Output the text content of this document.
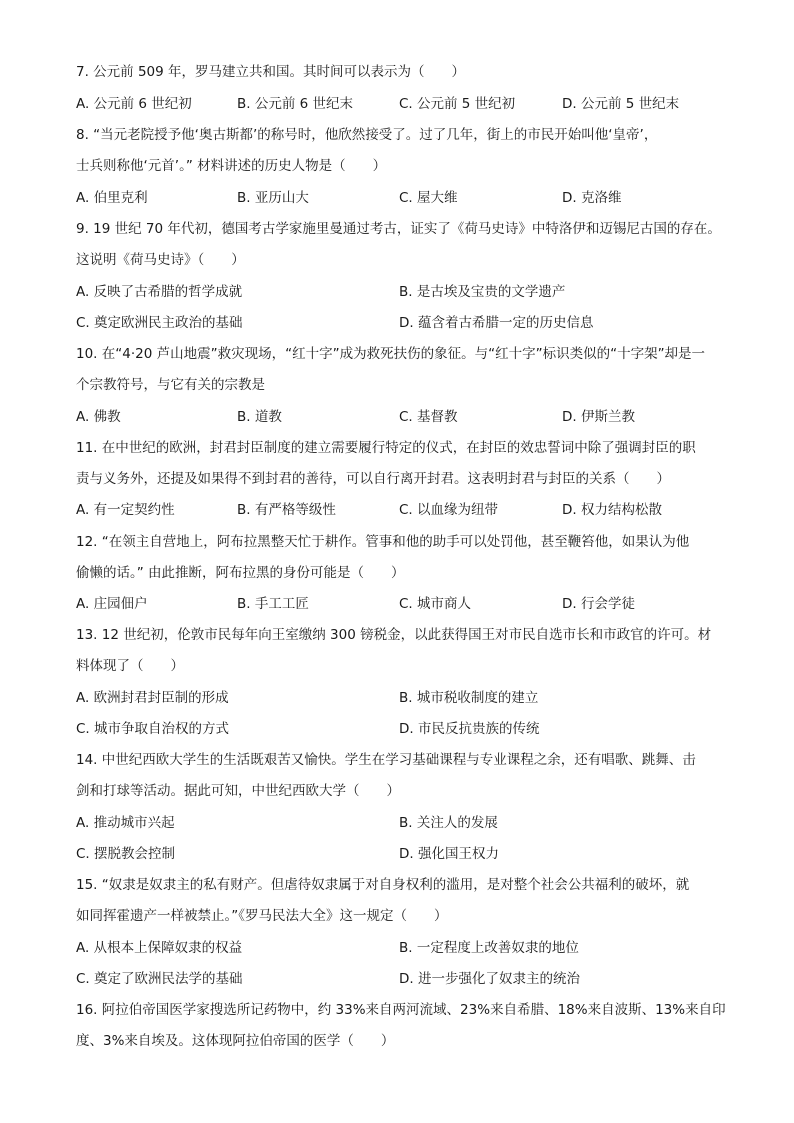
7. 公元前 509 年，罗马建立共和国。其时间可以表示为（　　）

A. 公元前 6 世纪初	B. 公元前 6 世纪末	C. 公元前 5 世纪初	D. 公元前 5 世纪末

8. “当元老院授予他‘奥古斯都’的称号时，他欣然接受了。过了几年，街上的市民开始叫他‘皇帝’，

士兵则称他‘元首’。” 材料讲述的历史人物是（　　）

A. 伯里克利	B. 亚历山大	C. 屋大维	D. 克洛维

9. 19 世纪 70 年代初，德国考古学家施里曼通过考古，证实了《荷马史诗》中特洛伊和迈锡尼古国的存在。

这说明《荷马史诗》（　　）

A. 反映了古希腊的哲学成就	B. 是古埃及宝贵的文学遗产

C. 奠定欧洲民主政治的基础	D. 蕴含着古希腊一定的历史信息

10. 在“4·20 芦山地震”救灾现场，“红十字”成为救死扶伤的象征。与“红十字”标识类似的“十字架”却是一

个宗教符号，与它有关的宗教是

A. 佛教	B. 道教	C. 基督教	D. 伊斯兰教

11. 在中世纪的欧洲，封君封臣制度的建立需要履行特定的仪式，在封臣的效忠誓词中除了强调封臣的职

责与义务外，还提及如果得不到封君的善待，可以自行离开封君。这表明封君与封臣的关系（　　）

A. 有一定契约性	B. 有严格等级性	C. 以血缘为纽带	D. 权力结构松散

12. “在领主自营地上，阿布拉黑整天忙于耕作。管事和他的助手可以处罚他，甚至鞭笞他，如果认为他

偷懒的话。” 由此推断，阿布拉黑的身份可能是（　　）

A. 庄园佃户	B. 手工工匠	C. 城市商人	D. 行会学徒

13. 12 世纪初，伦敦市民每年向王室缴纳 300 镑税金，以此获得国王对市民自选市长和市政官的许可。材

料体现了（　　）

A. 欧洲封君封臣制的形成	B. 城市税收制度的建立

C. 城市争取自治权的方式	D. 市民反抗贵族的传统

14. 中世纪西欧大学生的生活既艰苦又愉快。学生在学习基础课程与专业课程之余，还有唱歌、跳舞、击

剑和打球等活动。据此可知，中世纪西欧大学（　　）

A. 推动城市兴起	B. 关注人的发展

C. 摆脱教会控制	D. 强化国王权力

15. “奴隶是奴隶主的私有财产。但虐待奴隶属于对自身权利的滥用，是对整个社会公共福利的破坏，就

如同挥霍遗产一样被禁止。”《罗马民法大全》这一规定（　　）

A. 从根本上保障奴隶的权益	B. 一定程度上改善奴隶的地位

C. 奠定了欧洲民法学的基础	D. 进一步强化了奴隶主的统治

16. 阿拉伯帝国医学家搜选所记药物中，约 33%来自两河流域、23%来自希腊、18%来自波斯、13%来自印

度、3%来自埃及。这体现阿拉伯帝国的医学（　　）
